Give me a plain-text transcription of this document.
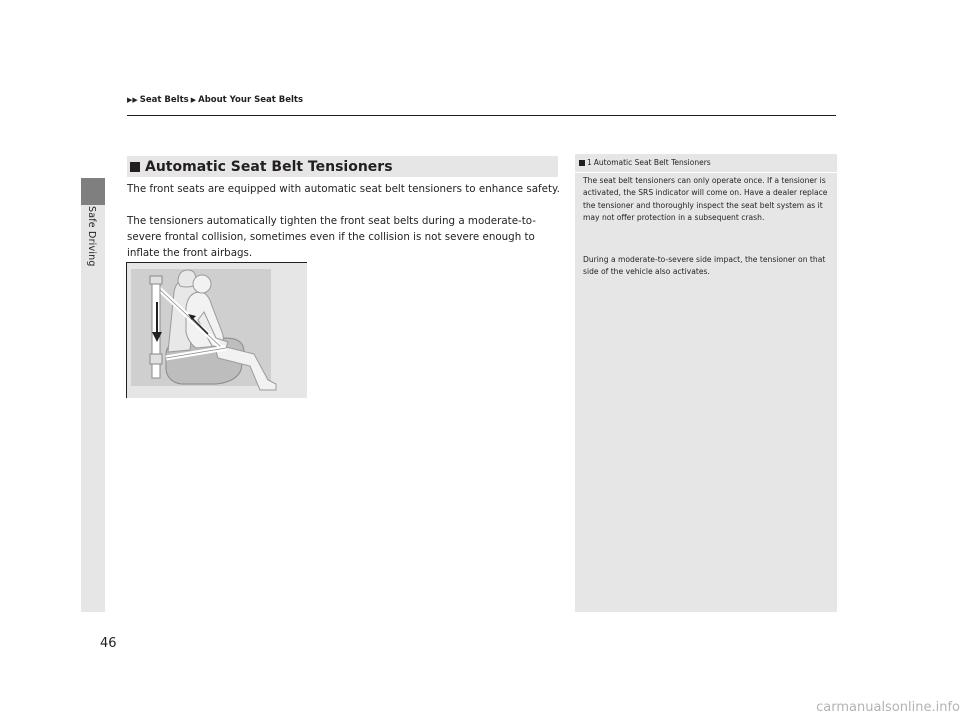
Safe Driving
▶▶ Seat Belts ▶ About Your Seat Belts
Automatic Seat Belt Tensioners
The front seats are equipped with automatic seat belt tensioners to enhance safety.
The tensioners automatically tighten the front seat belts during a moderate-to-severe frontal collision, sometimes even if the collision is not severe enough to inflate the front airbags.
1 Automatic Seat Belt Tensioners
The seat belt tensioners can only operate once. If a tensioner is activated, the SRS indicator will come on. Have a dealer replace the tensioner and thoroughly inspect the seat belt system as it may not offer protection in a subsequent crash.
During a moderate-to-severe side impact, the tensioner on that side of the vehicle also activates.
46
carmanualsonline.info
